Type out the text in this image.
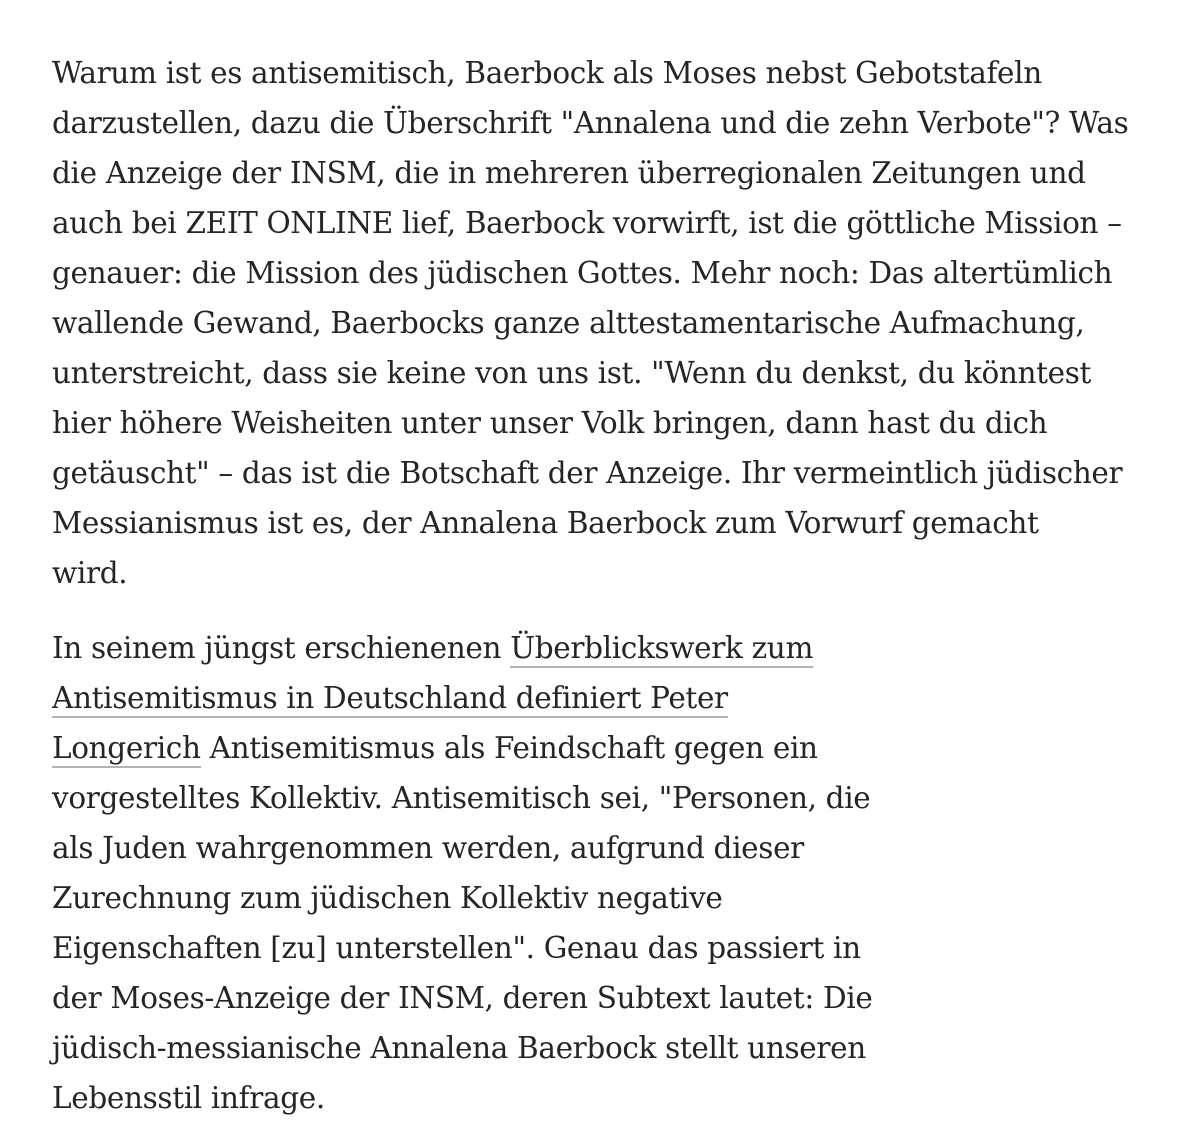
Warum ist es antisemitisch, Baerbock als Moses nebst Gebotstafeln
darzustellen, dazu die Überschrift "Annalena und die zehn Verbote"? Was
die Anzeige der INSM, die in mehreren überregionalen Zeitungen und
auch bei ZEIT ONLINE lief, Baerbock vorwirft, ist die göttliche Mission –
genauer: die Mission des jüdischen Gottes. Mehr noch: Das altertümlich
wallende Gewand, Baerbocks ganze alttestamentarische Aufmachung,
unterstreicht, dass sie keine von uns ist. "Wenn du denkst, du könntest
hier höhere Weisheiten unter unser Volk bringen, dann hast du dich
getäuscht" – das ist die Botschaft der Anzeige. Ihr vermeintlich jüdischer
Messianismus ist es, der Annalena Baerbock zum Vorwurf gemacht
wird.

In seinem jüngst erschienenen Überblickswerk zum
Antisemitismus in Deutschland definiert Peter
Longerich Antisemitismus als Feindschaft gegen ein
vorgestelltes Kollektiv. Antisemitisch sei, "Personen, die
als Juden wahrgenommen werden, aufgrund dieser
Zurechnung zum jüdischen Kollektiv negative
Eigenschaften [zu] unterstellen". Genau das passiert in
der Moses-Anzeige der INSM, deren Subtext lautet: Die
jüdisch-messianische Annalena Baerbock stellt unseren
Lebensstil infrage.
